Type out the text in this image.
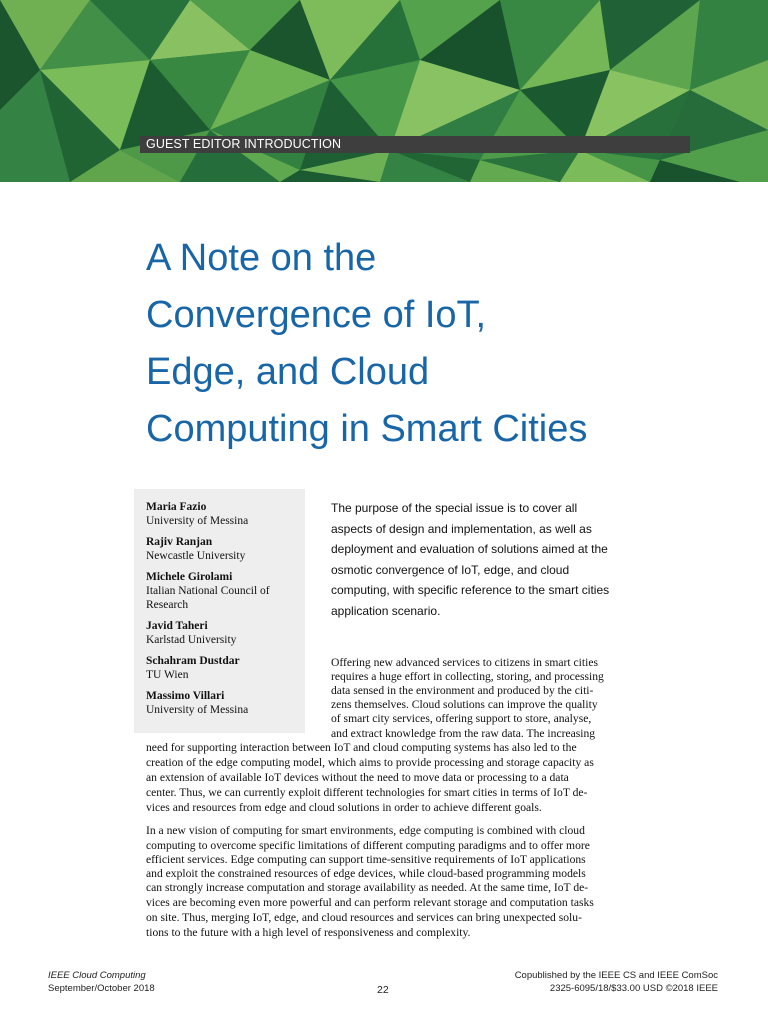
GUEST EDITOR INTRODUCTION
A Note on the
Convergence of IoT,
Edge, and Cloud
Computing in Smart Cities
Maria Fazio
University of Messina
Rajiv Ranjan
Newcastle University
Michele Girolami
Italian National Council of Research
Javid Taheri
Karlstad University
Schahram Dustdar
TU Wien
Massimo Villari
University of Messina
The purpose of the special issue is to cover all
aspects of design and implementation, as well as
deployment and evaluation of solutions aimed at the
osmotic convergence of IoT, edge, and cloud
computing, with specific reference to the smart cities
application scenario.
Offering new advanced services to citizens in smart cities
requires a huge effort in collecting, storing, and processing
data sensed in the environment and produced by the citi-
zens themselves. Cloud solutions can improve the quality
of smart city services, offering support to store, analyse,
and extract knowledge from the raw data. The increasing
need for supporting interaction between IoT and cloud computing systems has also led to the
creation of the edge computing model, which aims to provide processing and storage capacity as
an extension of available IoT devices without the need to move data or processing to a data
center. Thus, we can currently exploit different technologies for smart cities in terms of IoT de-
vices and resources from edge and cloud solutions in order to achieve different goals.
In a new vision of computing for smart environments, edge computing is combined with cloud
computing to overcome specific limitations of different computing paradigms and to offer more
efficient services. Edge computing can support time-sensitive requirements of IoT applications
and exploit the constrained resources of edge devices, while cloud-based programming models
can strongly increase computation and storage availability as needed. At the same time, IoT de-
vices are becoming even more powerful and can perform relevant storage and computation tasks
on site. Thus, merging IoT, edge, and cloud resources and services can bring unexpected solu-
tions to the future with a high level of responsiveness and complexity.
IEEE Cloud Computing
September/October 2018	22
Copublished by the IEEE CS and IEEE ComSoc
2325-6095/18/$33.00 USD ©2018 IEEE
